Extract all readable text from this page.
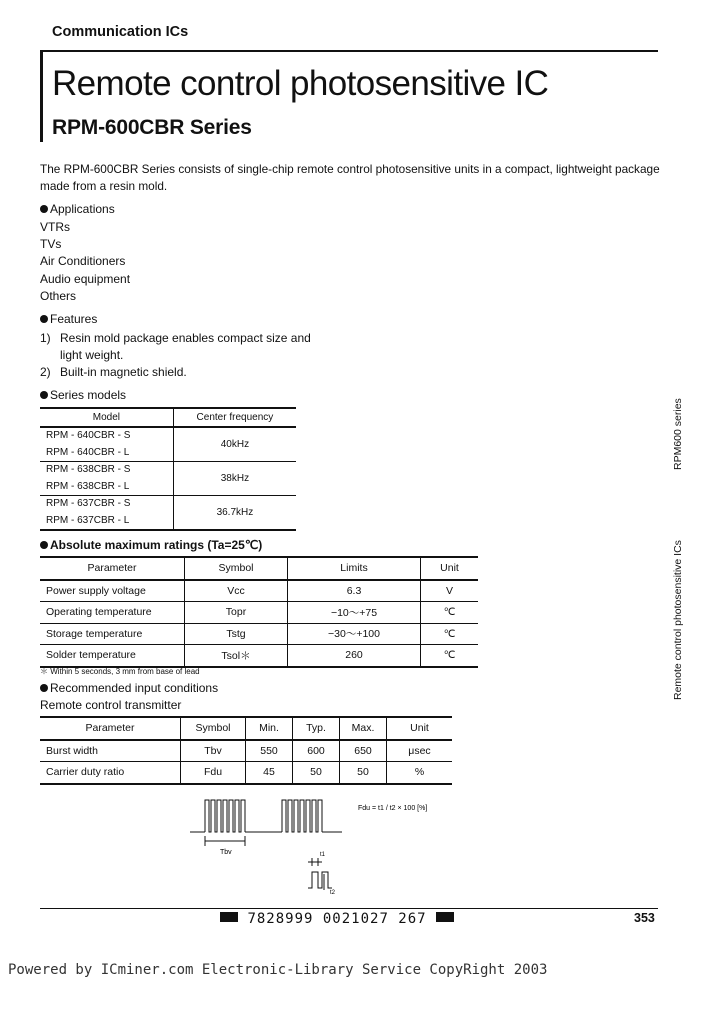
Communication ICs
Remote control photosensitive IC
RPM-600CBR Series
The RPM-600CBR Series consists of single-chip remote control photosensitive units in a compact, lightweight package made from a resin mold.
Applications
VTRs
TVs
Air Conditioners
Audio equipment
Others
Features
1) Resin mold package enables compact size and
light weight.
2) Built-in magnetic shield.
Series models
Model	Center frequency
RPM - 640CBR - S	40kHz
RPM - 640CBR - L	
RPM - 638CBR - S	38kHz
RPM - 638CBR - L	
RPM - 637CBR - S	36.7kHz
RPM - 637CBR - L	
Absolute maximum ratings (Ta=25℃)
Parameter	Symbol	Limits	Unit
Power supply voltage	Vcc	6.3	V
Operating temperature	Topr	−10～+75	℃
Storage temperature	Tstg	−30～+100	℃
Solder temperature	Tsol＊	260	℃
＊ Within 5 seconds, 3 mm from base of lead
Recommended input conditions
Remote control transmitter
Parameter	Symbol	Min.	Typ.	Max.	Unit
Burst width	Tbv	550	600	650	μsec
Carrier duty ratio	Fdu	45	50	50	%
Tbv	t1
t2
Fdu = t1 / t2 × 100 [%]
RPM600 series
Remote control photosensitive ICs
7828999 0021027 267	353
Powered by ICminer.com Electronic-Library Service CopyRight 2003
